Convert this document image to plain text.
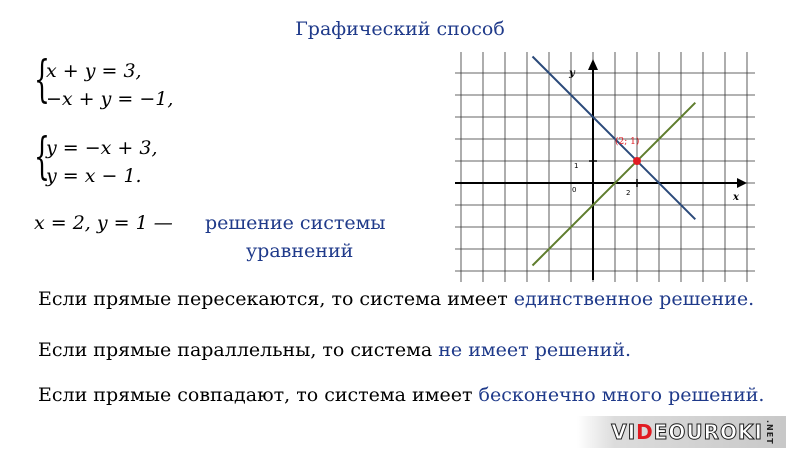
Графический способ
{
x + y = 3,
−x + y = −1,
{
y = −x + 3,
y = x − 1.
x = 2, y = 1 — решение системы
уравнений
Если прямые пересекаются, то система имеет единственное решение.
Если прямые параллельны, то система не имеет решений.
Если прямые совпадают, то система имеет бесконечно много решений.
x
y
0	2
1
(2; 1)
VI D EOUROKI .NET
